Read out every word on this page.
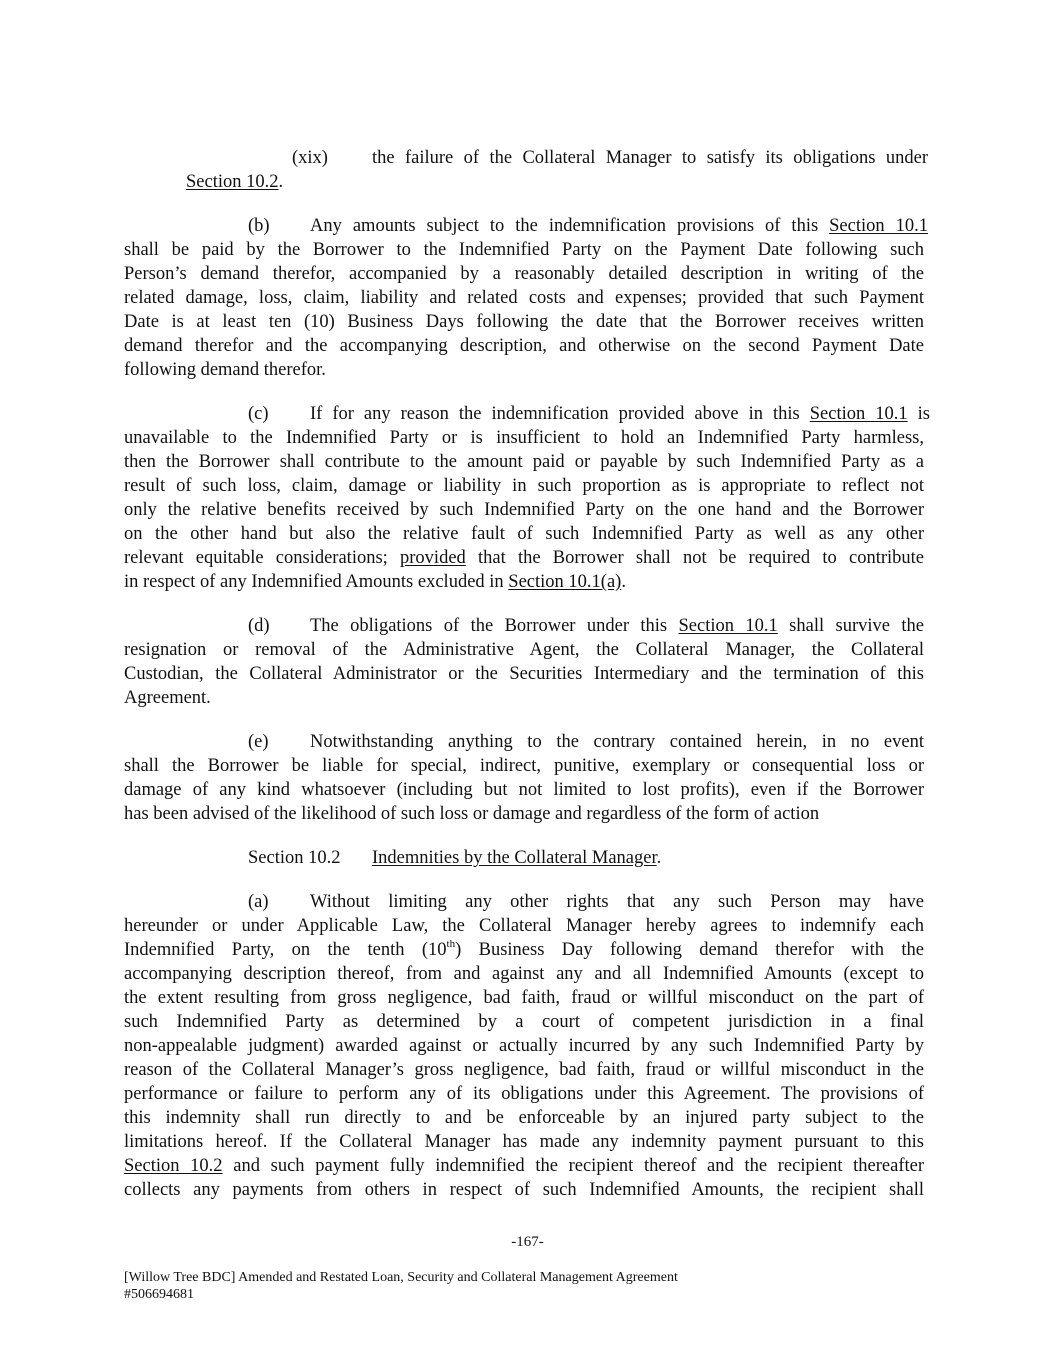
(xix) the failure of the Collateral Manager to satisfy its obligations under
Section 10.2.
(b) Any amounts subject to the indemnification provisions of this Section 10.1
shall be paid by the Borrower to the Indemnified Party on the Payment Date following such
Person’s demand therefor, accompanied by a reasonably detailed description in writing of the
related damage, loss, claim, liability and related costs and expenses; provided that such Payment
Date is at least ten (10) Business Days following the date that the Borrower receives written
demand therefor and the accompanying description, and otherwise on the second Payment Date
following demand therefor.
(c) If for any reason the indemnification provided above in this Section 10.1 is
unavailable to the Indemnified Party or is insufficient to hold an Indemnified Party harmless,
then the Borrower shall contribute to the amount paid or payable by such Indemnified Party as a
result of such loss, claim, damage or liability in such proportion as is appropriate to reflect not
only the relative benefits received by such Indemnified Party on the one hand and the Borrower
on the other hand but also the relative fault of such Indemnified Party as well as any other
relevant equitable considerations; provided that the Borrower shall not be required to contribute
in respect of any Indemnified Amounts excluded in Section 10.1(a).
(d) The obligations of the Borrower under this Section 10.1 shall survive the
resignation or removal of the Administrative Agent, the Collateral Manager, the Collateral
Custodian, the Collateral Administrator or the Securities Intermediary and the termination of this
Agreement.
(e) Notwithstanding anything to the contrary contained herein, in no event
shall the Borrower be liable for special, indirect, punitive, exemplary or consequential loss or
damage of any kind whatsoever (including but not limited to lost profits), even if the Borrower
has been advised of the likelihood of such loss or damage and regardless of the form of action
Section 10.2 Indemnities by the Collateral Manager.
(a) Without limiting any other rights that any such Person may have
hereunder or under Applicable Law, the Collateral Manager hereby agrees to indemnify each
Indemnified Party, on the tenth (10th) Business Day following demand therefor with the
accompanying description thereof, from and against any and all Indemnified Amounts (except to
the extent resulting from gross negligence, bad faith, fraud or willful misconduct on the part of
such Indemnified Party as determined by a court of competent jurisdiction in a final
non-appealable judgment) awarded against or actually incurred by any such Indemnified Party by
reason of the Collateral Manager’s gross negligence, bad faith, fraud or willful misconduct in the
performance or failure to perform any of its obligations under this Agreement. The provisions of
this indemnity shall run directly to and be enforceable by an injured party subject to the
limitations hereof. If the Collateral Manager has made any indemnity payment pursuant to this
Section 10.2 and such payment fully indemnified the recipient thereof and the recipient thereafter
collects any payments from others in respect of such Indemnified Amounts, the recipient shall
-167-
[Willow Tree BDC] Amended and Restated Loan, Security and Collateral Management Agreement
#506694681
